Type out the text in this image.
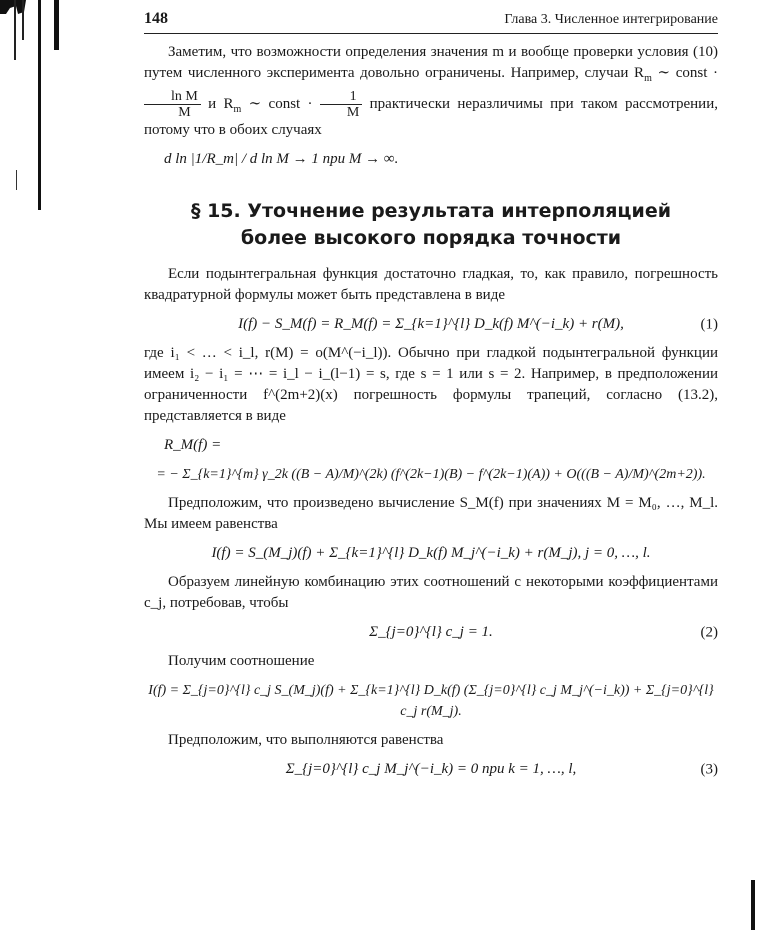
148	Глава 3. Численное интегрирование

Заметим, что возможности определения значения m и вообще проверки условия (10) путем численного эксперимента довольно ограничены. Например, случаи $R_m$ ∼ const ·
$\frac{\text{ln M}}{M}$ и $R_m$ ∼ const · $\frac{1}{M}$ практически неразличимы при таком рассмотрении, потому что в обоих случаях

d ln |1/R_m| / d ln M → 1 при M → ∞.
§ 15. Уточнение результата интерполяцией
более высокого порядка точности

Если подынтегральная функция достаточно гладкая, то, как правило, погрешность квадратурной формулы может быть представлена в виде

I(f) − S_M(f) = R_M(f) = Σ_{k=1}^{l} D_k(f) M^(−i_k) + r(M),	(1)

где i₁ < … < i_l, r(M) = o(M^(−i_l)). Обычно при гладкой подынтегральной функции имеем i₂ − i₁ = ⋯ = i_l − i_(l−1) = s, где s = 1 или s = 2. Например, в предположении ограниченности f^(2m+2)(x) погрешность формулы трапеций, согласно (13.2), представляется в виде

R_M(f) =
= − Σ_{k=1}^{m} γ_2k ((B − A)/M)^(2k) (f^(2k−1)(B) − f^(2k−1)(A)) + O(((B − A)/M)^(2m+2)).

Предположим, что произведено вычисление S_M(f) при значениях M = M₀, …, M_l. Мы имеем равенства

I(f) = S_(M_j)(f) + Σ_{k=1}^{l} D_k(f) M_j^(−i_k) + r(M_j), j = 0, …, l.

Образуем линейную комбинацию этих соотношений с некоторыми коэффициентами c_j, потребовав, чтобы

Σ_{j=0}^{l} c_j = 1.	(2)

Получим соотношение

I(f) = Σ_{j=0}^{l} c_j S_(M_j)(f) + Σ_{k=1}^{l} D_k(f) (Σ_{j=0}^{l} c_j M_j^(−i_k)) + Σ_{j=0}^{l} c_j r(M_j).

Предположим, что выполняются равенства

Σ_{j=0}^{l} c_j M_j^(−i_k) = 0 при k = 1, …, l,	(3)
